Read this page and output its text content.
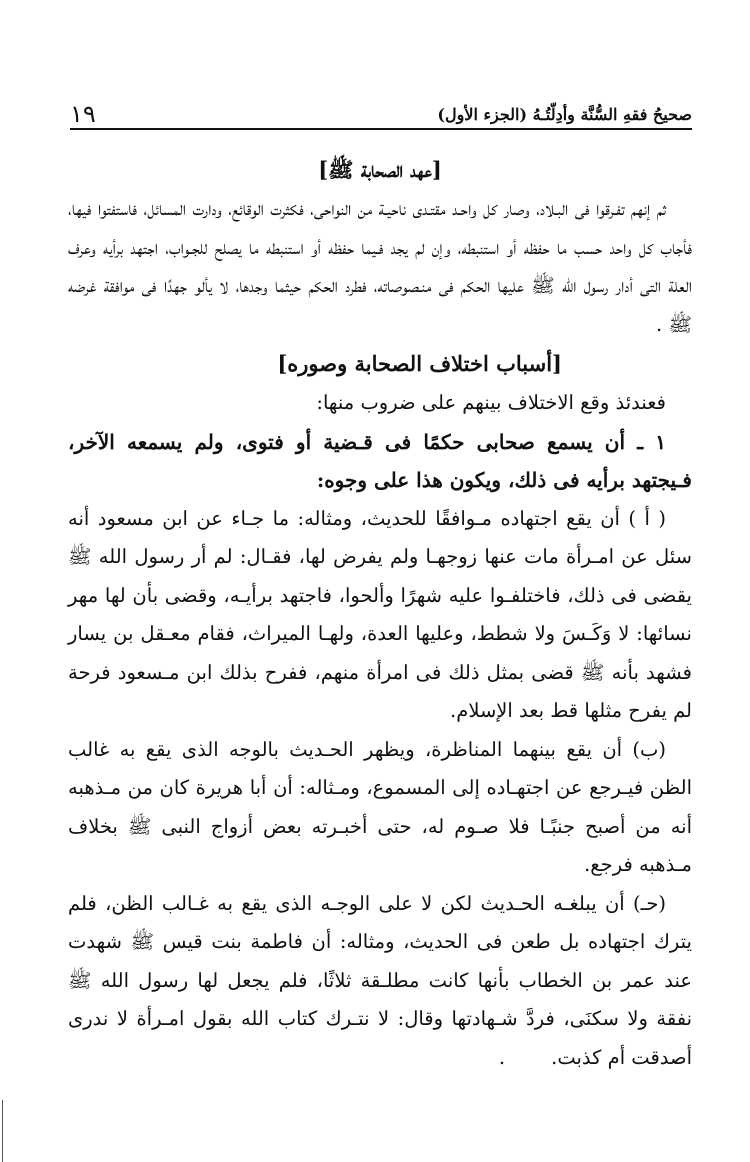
صحيحُ فقهِ السُّنَّة وأدِلّتُـهُ (الجزء الأول)
١٩
[عهد الصحابة ﷺ]

ثم إنهم تفـرقوا فى البـلاد، وصار كل واحـد مقتـدى ناحيـة من النواحى، فكثرت الوقائع، ودارت المسائل، فاستفتوا فيها، فأجاب كل واحد حسب ما حفظه أو استنبطه، وإن لم يجد فـيما حفظه أو استنبطه ما يصلح للجـواب، اجتهد برأيه وعرف العلة التى أدار رسول الله ﷺ عليها الحكم فى منـصوصاته، فطرد الحكم حيثما وجدها، لا يألو جهدًا فى موافقة غرضه ﷺ .

[أسباب اختلاف الصحابة وصوره]

فعندئذ وقع الاختلاف بينهم على ضروب منها:

١ ـ أن يسمع صحابى حكمًا فى قـضية أو فتوى، ولم يسمعه الآخر، فـيجتهد برأيه فى ذلك، ويكون هذا على وجوه:

( أ ) أن يقع اجتهاده مـوافقًا للحديث، ومثاله: ما جـاء عن ابن مسعود أنه سئل عن امـرأة مات عنها زوجهـا ولم يفرض لها، فقـال: لم أر رسول الله ﷺ يقضى فى ذلك، فاختلفـوا عليه شهرًا وألحوا، فاجتهد برأيـه، وقضى بأن لها مهر نسائها: لا وَكَـسَ ولا شطط، وعليها العدة، ولهـا الميراث، فقام معـقل بن يسار فشهد بأنه ﷺ قضى بمثل ذلك فى امرأة منهم، ففرح بذلك ابن مـسعود فرحة لم يفرح مثلها قط بعد الإسلام.

(ب) أن يقع بينهما المناظرة، ويظهر الحـديث بالوجه الذى يقع به غالب الظن فيـرجع عن اجتهـاده إلى المسموع، ومـثاله: أن أبا هريرة كان من مـذهبه أنه من أصبح جنبًـا فلا صـوم له، حتى أخبـرته بعض أزواج النبى ﷺ بخلاف مـذهبه فرجع.

(حـ) أن يبلغـه الحـديث لكن لا على الوجـه الذى يقع به غـالب الظن، فلم يترك اجتهاده بل طعن فى الحديث، ومثاله: أن فاطمة بنت قيس ﷺ شهدت عند عمر بن الخطاب بأنها كانت مطلـقة ثلاثًا، فلم يجعل لها رسول الله ﷺ نفقة ولا سكنَى، فردَّ شـهادتها وقال: لا نتـرك كتاب الله بقول امـرأة لا ندرى أصدقت أم كذبت..
